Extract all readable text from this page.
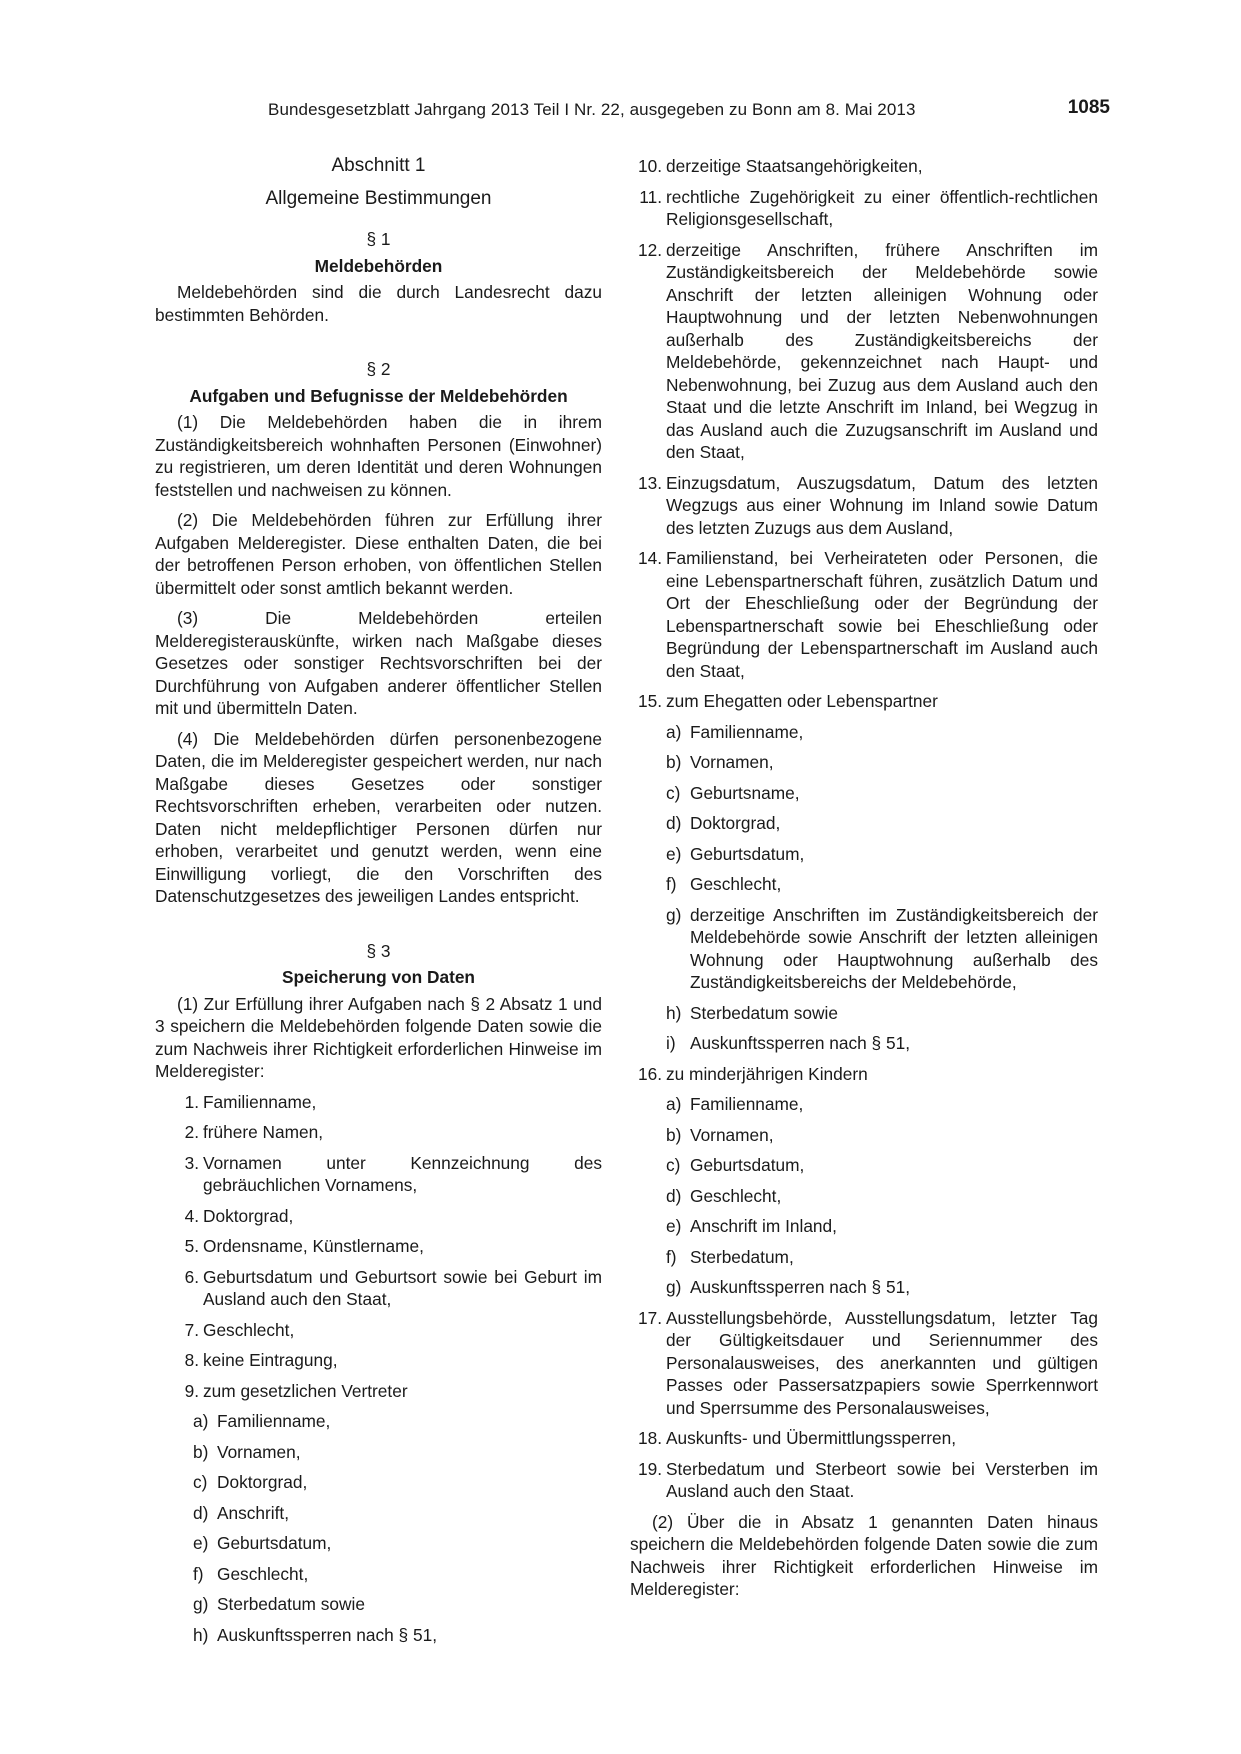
Bundesgesetzblatt Jahrgang 2013 Teil I Nr. 22, ausgegeben zu Bonn am 8. Mai 2013	1085
Abschnitt 1
Allgemeine Bestimmungen
§ 1
Meldebehörden

Meldebehörden sind die durch Landesrecht dazu bestimmten Behörden.

§ 2
Aufgaben und Befugnisse der Meldebehörden

(1) Die Meldebehörden haben die in ihrem Zuständigkeitsbereich wohnhaften Personen (Einwohner) zu registrieren, um deren Identität und deren Wohnungen feststellen und nachweisen zu können.

(2) Die Meldebehörden führen zur Erfüllung ihrer Aufgaben Melderegister. Diese enthalten Daten, die bei der betroffenen Person erhoben, von öffentlichen Stellen übermittelt oder sonst amtlich bekannt werden.

(3) Die Meldebehörden erteilen Melderegisterauskünfte, wirken nach Maßgabe dieses Gesetzes oder sonstiger Rechtsvorschriften bei der Durchführung von Aufgaben anderer öffentlicher Stellen mit und übermitteln Daten.

(4) Die Meldebehörden dürfen personenbezogene Daten, die im Melderegister gespeichert werden, nur nach Maßgabe dieses Gesetzes oder sonstiger Rechtsvorschriften erheben, verarbeiten oder nutzen. Daten nicht meldepflichtiger Personen dürfen nur erhoben, verarbeitet und genutzt werden, wenn eine Einwilligung vorliegt, die den Vorschriften des Datenschutzgesetzes des jeweiligen Landes entspricht.

§ 3
Speicherung von Daten

(1) Zur Erfüllung ihrer Aufgaben nach § 2 Absatz 1 und 3 speichern die Meldebehörden folgende Daten sowie die zum Nachweis ihrer Richtigkeit erforderlichen Hinweise im Melderegister:

1. Familienname,
2. frühere Namen,
3. Vornamen unter Kennzeichnung des gebräuchlichen Vornamens,
4. Doktorgrad,
5. Ordensname, Künstlername,
6. Geburtsdatum und Geburtsort sowie bei Geburt im Ausland auch den Staat,
7. Geschlecht,
8. keine Eintragung,
9. zum gesetzlichen Vertreter
a) Familienname,
b) Vornamen,
c) Doktorgrad,
d) Anschrift,
e) Geburtsdatum,
f) Geschlecht,
g) Sterbedatum sowie
h) Auskunftssperren nach § 51,
10. derzeitige Staatsangehörigkeiten,
11. rechtliche Zugehörigkeit zu einer öffentlich-rechtlichen Religionsgesellschaft,
12. derzeitige Anschriften, frühere Anschriften im Zuständigkeitsbereich der Meldebehörde sowie Anschrift der letzten alleinigen Wohnung oder Hauptwohnung und der letzten Nebenwohnungen außerhalb des Zuständigkeitsbereichs der Meldebehörde, gekennzeichnet nach Haupt- und Nebenwohnung, bei Zuzug aus dem Ausland auch den Staat und die letzte Anschrift im Inland, bei Wegzug in das Ausland auch die Zuzugsanschrift im Ausland und den Staat,
13. Einzugsdatum, Auszugsdatum, Datum des letzten Wegzugs aus einer Wohnung im Inland sowie Datum des letzten Zuzugs aus dem Ausland,
14. Familienstand, bei Verheirateten oder Personen, die eine Lebenspartnerschaft führen, zusätzlich Datum und Ort der Eheschließung oder der Begründung der Lebenspartnerschaft sowie bei Eheschließung oder Begründung der Lebenspartnerschaft im Ausland auch den Staat,
15. zum Ehegatten oder Lebenspartner
a) Familienname,
b) Vornamen,
c) Geburtsname,
d) Doktorgrad,
e) Geburtsdatum,
f) Geschlecht,
g) derzeitige Anschriften im Zuständigkeitsbereich der Meldebehörde sowie Anschrift der letzten alleinigen Wohnung oder Hauptwohnung außerhalb des Zuständigkeitsbereichs der Meldebehörde,
h) Sterbedatum sowie
i) Auskunftssperren nach § 51,
16. zu minderjährigen Kindern
a) Familienname,
b) Vornamen,
c) Geburtsdatum,
d) Geschlecht,
e) Anschrift im Inland,
f) Sterbedatum,
g) Auskunftssperren nach § 51,
17. Ausstellungsbehörde, Ausstellungsdatum, letzter Tag der Gültigkeitsdauer und Seriennummer des Personalausweises, des anerkannten und gültigen Passes oder Passersatzpapiers sowie Sperrkennwort und Sperrsumme des Personalausweises,
18. Auskunfts- und Übermittlungssperren,
19. Sterbedatum und Sterbeort sowie bei Versterben im Ausland auch den Staat.

(2) Über die in Absatz 1 genannten Daten hinaus speichern die Meldebehörden folgende Daten sowie die zum Nachweis ihrer Richtigkeit erforderlichen Hinweise im Melderegister:
